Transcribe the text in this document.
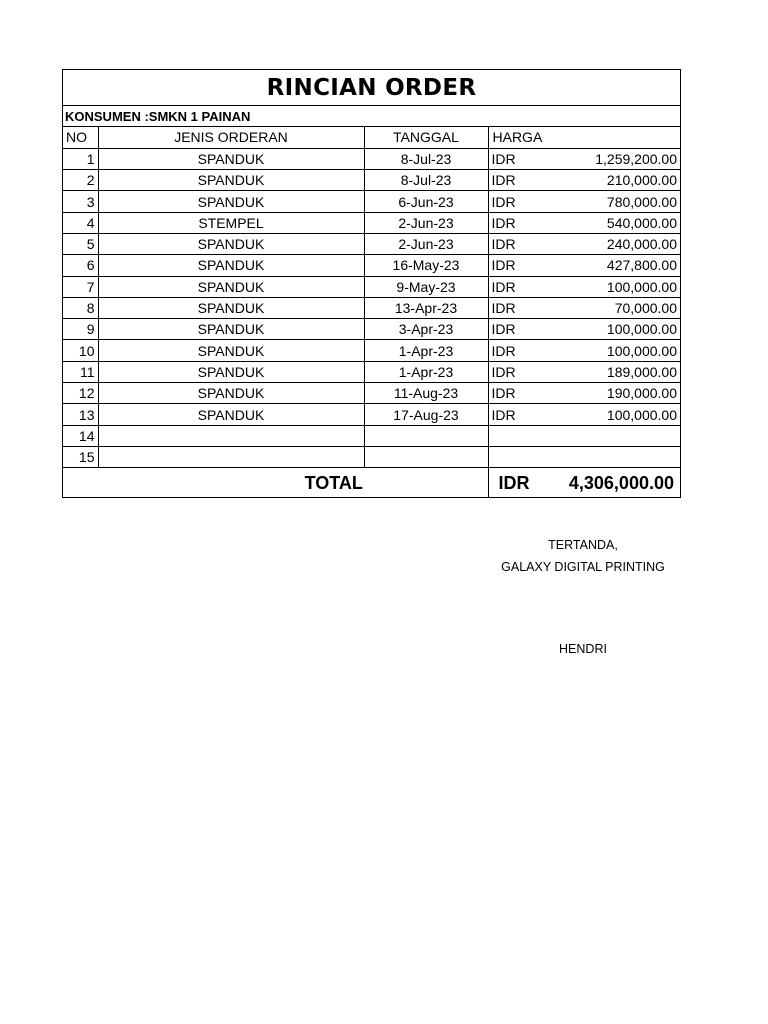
RINCIAN ORDER
KONSUMEN : SMKN 1 PAINAN
NO	JENIS ORDERAN	TANGGAL	HARGA	
1	SPANDUK	8-Jul-23	IDR	1,259,200.00
2	SPANDUK	8-Jul-23	IDR	210,000.00
3	SPANDUK	6-Jun-23	IDR	780,000.00
4	STEMPEL	2-Jun-23	IDR	540,000.00
5	SPANDUK	2-Jun-23	IDR	240,000.00
6	SPANDUK	16-May-23	IDR	427,800.00
7	SPANDUK	9-May-23	IDR	100,000.00
8	SPANDUK	13-Apr-23	IDR	70,000.00
9	SPANDUK	3-Apr-23	IDR	100,000.00
10	SPANDUK	1-Apr-23	IDR	100,000.00
11	SPANDUK	1-Apr-23	IDR	189,000.00
12	SPANDUK	11-Aug-23	IDR	190,000.00
13	SPANDUK	17-Aug-23	IDR	100,000.00
14				
15				
TOTAL			IDR	4,306,000.00
TERTANDA,
GALAXY DIGITAL PRINTING
HENDRI
